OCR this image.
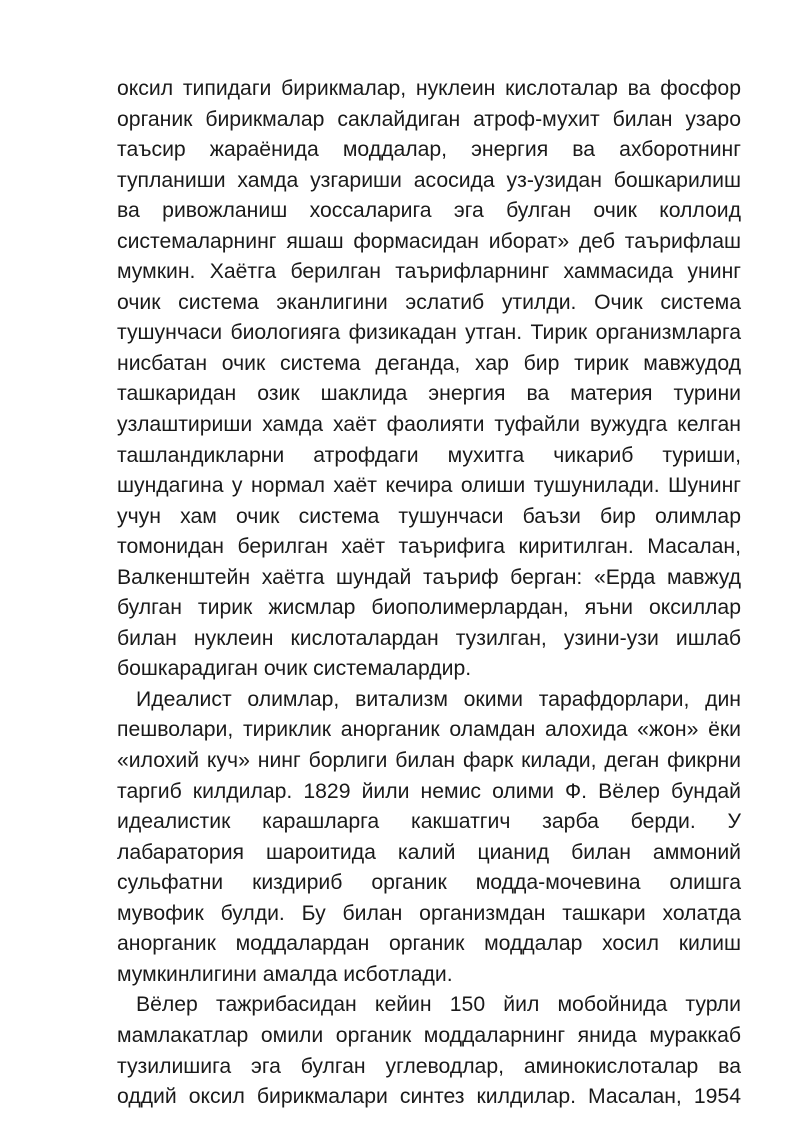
оксил типидаги бирикмалар, нуклеин кислоталар ва фосфор
органик бирикмалар саклайдиган атроф-мухит билан узаро
таъсир жараёнида моддалар, энергия ва ахборотнинг
тупланиши хамда узгариши асосида уз-узидан бошкарилиш
ва ривожланиш хоссаларига эга булган очик коллоид
системаларнинг яшаш формасидан иборат» деб таърифлаш
мумкин. Хаётга берилган таърифларнинг хаммасида унинг
очик система эканлигини эслатиб утилди. Очик система
тушунчаси биологияга физикадан утган. Тирик организмларга
нисбатан очик система деганда, хар бир тирик мавжудод
ташкаридан озик шаклида энергия ва материя турини
узлаштириши хамда хаёт фаолияти туфайли вужудга келган
ташландикларни атрофдаги мухитга чикариб туриши,
шундагина у нормал хаёт кечира олиши тушунилади. Шунинг
учун хам очик система тушунчаси баъзи бир олимлар
томонидан берилган хаёт таърифига киритилган. Масалан,
Валкенштейн хаётга шундай таъриф берган: «Ерда мавжуд
булган тирик жисмлар биополимерлардан, яъни оксиллар
билан нуклеин кислоталардан тузилган, узини-узи ишлаб
бошкарадиган очик системалардир.
Идеалист олимлар, витализм окими тарафдорлари, дин
пешволари, тириклик анорганик оламдан алохида «жон» ёки
«илохий куч» нинг борлиги билан фарк килади, деган фикрни
таргиб килдилар. 1829 йили немис олими Ф. Вёлер бундай
идеалистик карашларга какшатгич зарба берди. У
лабаратория шароитида калий цианид билан аммоний
сульфатни киздириб органик модда-мочевина олишга
мувофик булди. Бу билан организмдан ташкари холатда
анорганик моддалардан органик моддалар хосил килиш
мумкинлигини амалда исботлади.
Вёлер тажрибасидан кейин 150 йил мобойнида турли
мамлакатлар омили органик моддаларнинг янида мураккаб
тузилишига эга булган углеводлар, аминокислоталар ва
оддий оксил бирикмалари синтез килдилар. Масалан, 1954
